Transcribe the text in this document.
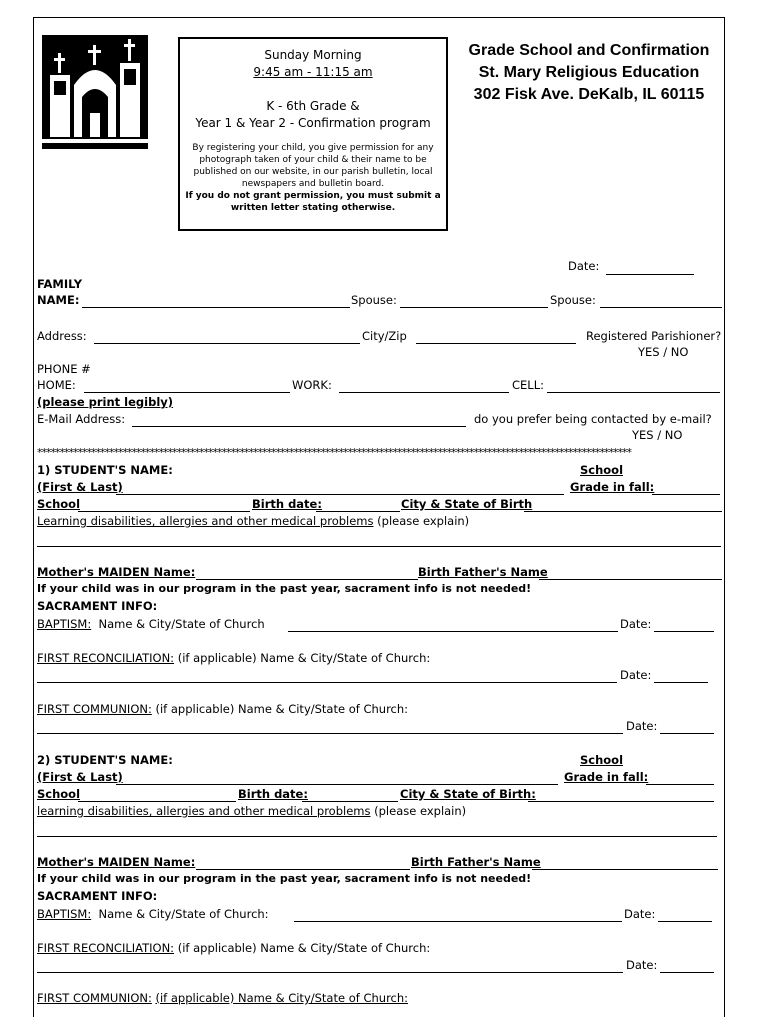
Sunday Morning
9:45 am - 11:15 am
K - 6th Grade &
Year 1 & Year 2 - Confirmation program
By registering your child, you give permission for any photograph taken of your child & their name to be published on our website, in our parish bulletin, local newspapers and bulletin board.
If you do not grant permission, you must submit a written letter stating otherwise.
Grade School and Confirmation
St. Mary Religious Education
302 Fisk Ave. DeKalb, IL 60115
Date:
FAMILY
NAME:	Spouse:	Spouse:
Address:	City/Zip	Registered Parishioner?
YES / NO
PHONE #
HOME:	WORK:	CELL:
(please print legibly)
E-Mail Address:	do you prefer being contacted by e-mail?
YES / NO
************************************************************************************************************************************
1) STUDENT'S NAME:	School
(First & Last)	Grade in fall:
School	Birth date:	City & State of Birth
Learning disabilities, allergies and other medical problems (please explain)
Mother's MAIDEN Name:	Birth Father's Name
If your child was in our program in the past year, sacrament info is not needed!
SACRAMENT INFO:
BAPTISM: Name & City/State of Church	Date:
FIRST RECONCILIATION: (if applicable) Name & City/State of Church:
Date:
FIRST COMMUNION: (if applicable) Name & City/State of Church:
Date:
2) STUDENT'S NAME:	School
(First & Last)	Grade in fall:
School	Birth date:	City & State of Birth:
learning disabilities, allergies and other medical problems (please explain)
Mother's MAIDEN Name:	Birth Father's Name
If your child was in our program in the past year, sacrament info is not needed!
SACRAMENT INFO:
BAPTISM: Name & City/State of Church:	Date:
FIRST RECONCILIATION: (if applicable) Name & City/State of Church:
Date:
FIRST COMMUNION: (if applicable) Name & City/State of Church:
